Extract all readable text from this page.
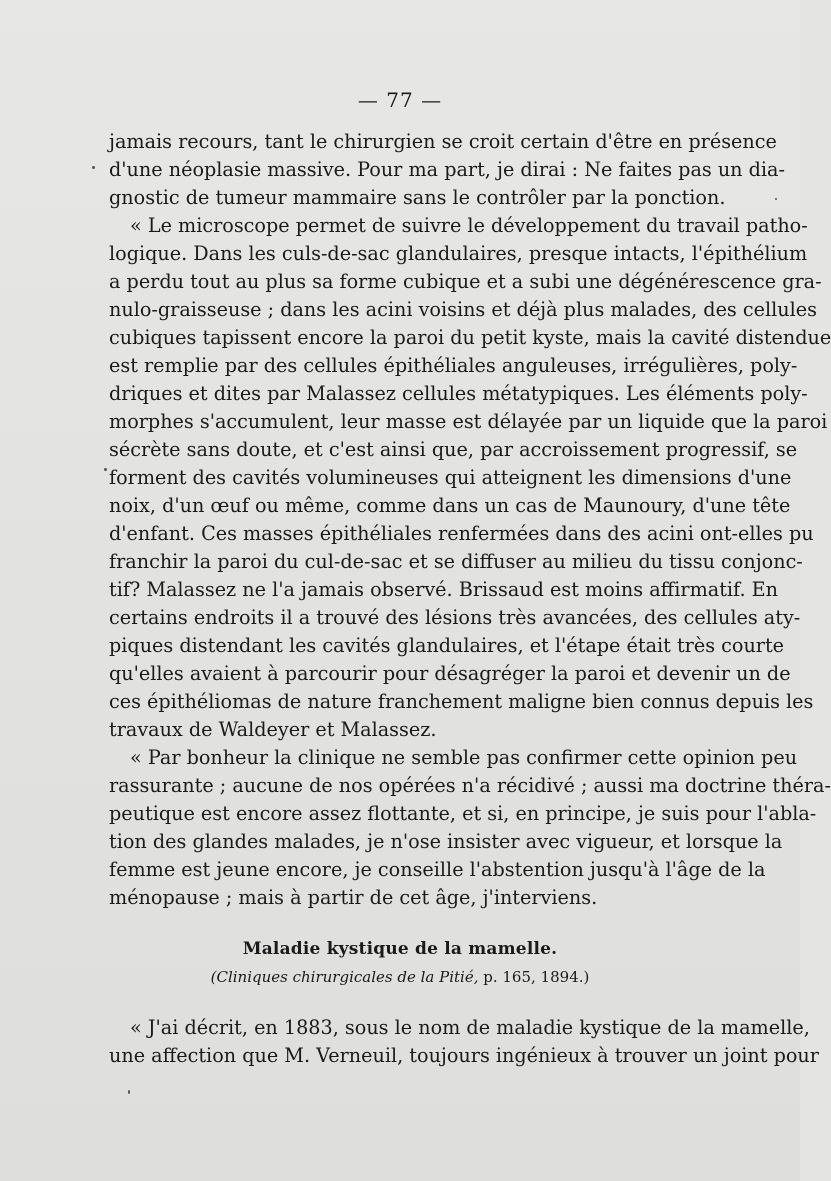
— 77 —
jamais recours, tant le chirurgien se croit certain d'être en présence
d'une néoplasie massive. Pour ma part, je dirai : Ne faites pas un dia-
gnostic de tumeur mammaire sans le contrôler par la ponction.
« Le microscope permet de suivre le développement du travail patho-
logique. Dans les culs-de-sac glandulaires, presque intacts, l'épithélium
a perdu tout au plus sa forme cubique et a subi une dégénérescence gra-
nulo-graisseuse ; dans les acini voisins et déjà plus malades, des cellules
cubiques tapissent encore la paroi du petit kyste, mais la cavité distendue
est remplie par des cellules épithéliales anguleuses, irrégulières, poly-
driques et dites par Malassez cellules métatypiques. Les éléments poly-
morphes s'accumulent, leur masse est délayée par un liquide que la paroi
sécrète sans doute, et c'est ainsi que, par accroissement progressif, se
forment des cavités volumineuses qui atteignent les dimensions d'une
noix, d'un œuf ou même, comme dans un cas de Maunoury, d'une tête
d'enfant. Ces masses épithéliales renfermées dans des acini ont-elles pu
franchir la paroi du cul-de-sac et se diffuser au milieu du tissu conjonc-
tif? Malassez ne l'a jamais observé. Brissaud est moins affirmatif. En
certains endroits il a trouvé des lésions très avancées, des cellules aty-
piques distendant les cavités glandulaires, et l'étape était très courte
qu'elles avaient à parcourir pour désagréger la paroi et devenir un de
ces épithéliomas de nature franchement maligne bien connus depuis les
travaux de Waldeyer et Malassez.
« Par bonheur la clinique ne semble pas confirmer cette opinion peu
rassurante ; aucune de nos opérées n'a récidivé ; aussi ma doctrine théra-
peutique est encore assez flottante, et si, en principe, je suis pour l'abla-
tion des glandes malades, je n'ose insister avec vigueur, et lorsque la
femme est jeune encore, je conseille l'abstention jusqu'à l'âge de la
ménopause ; mais à partir de cet âge, j'interviens.
Maladie kystique de la mamelle.
(Cliniques chirurgicales de la Pitié, p. 165, 1894.)
« J'ai décrit, en 1883, sous le nom de maladie kystique de la mamelle,
une affection que M. Verneuil, toujours ingénieux à trouver un joint pour
